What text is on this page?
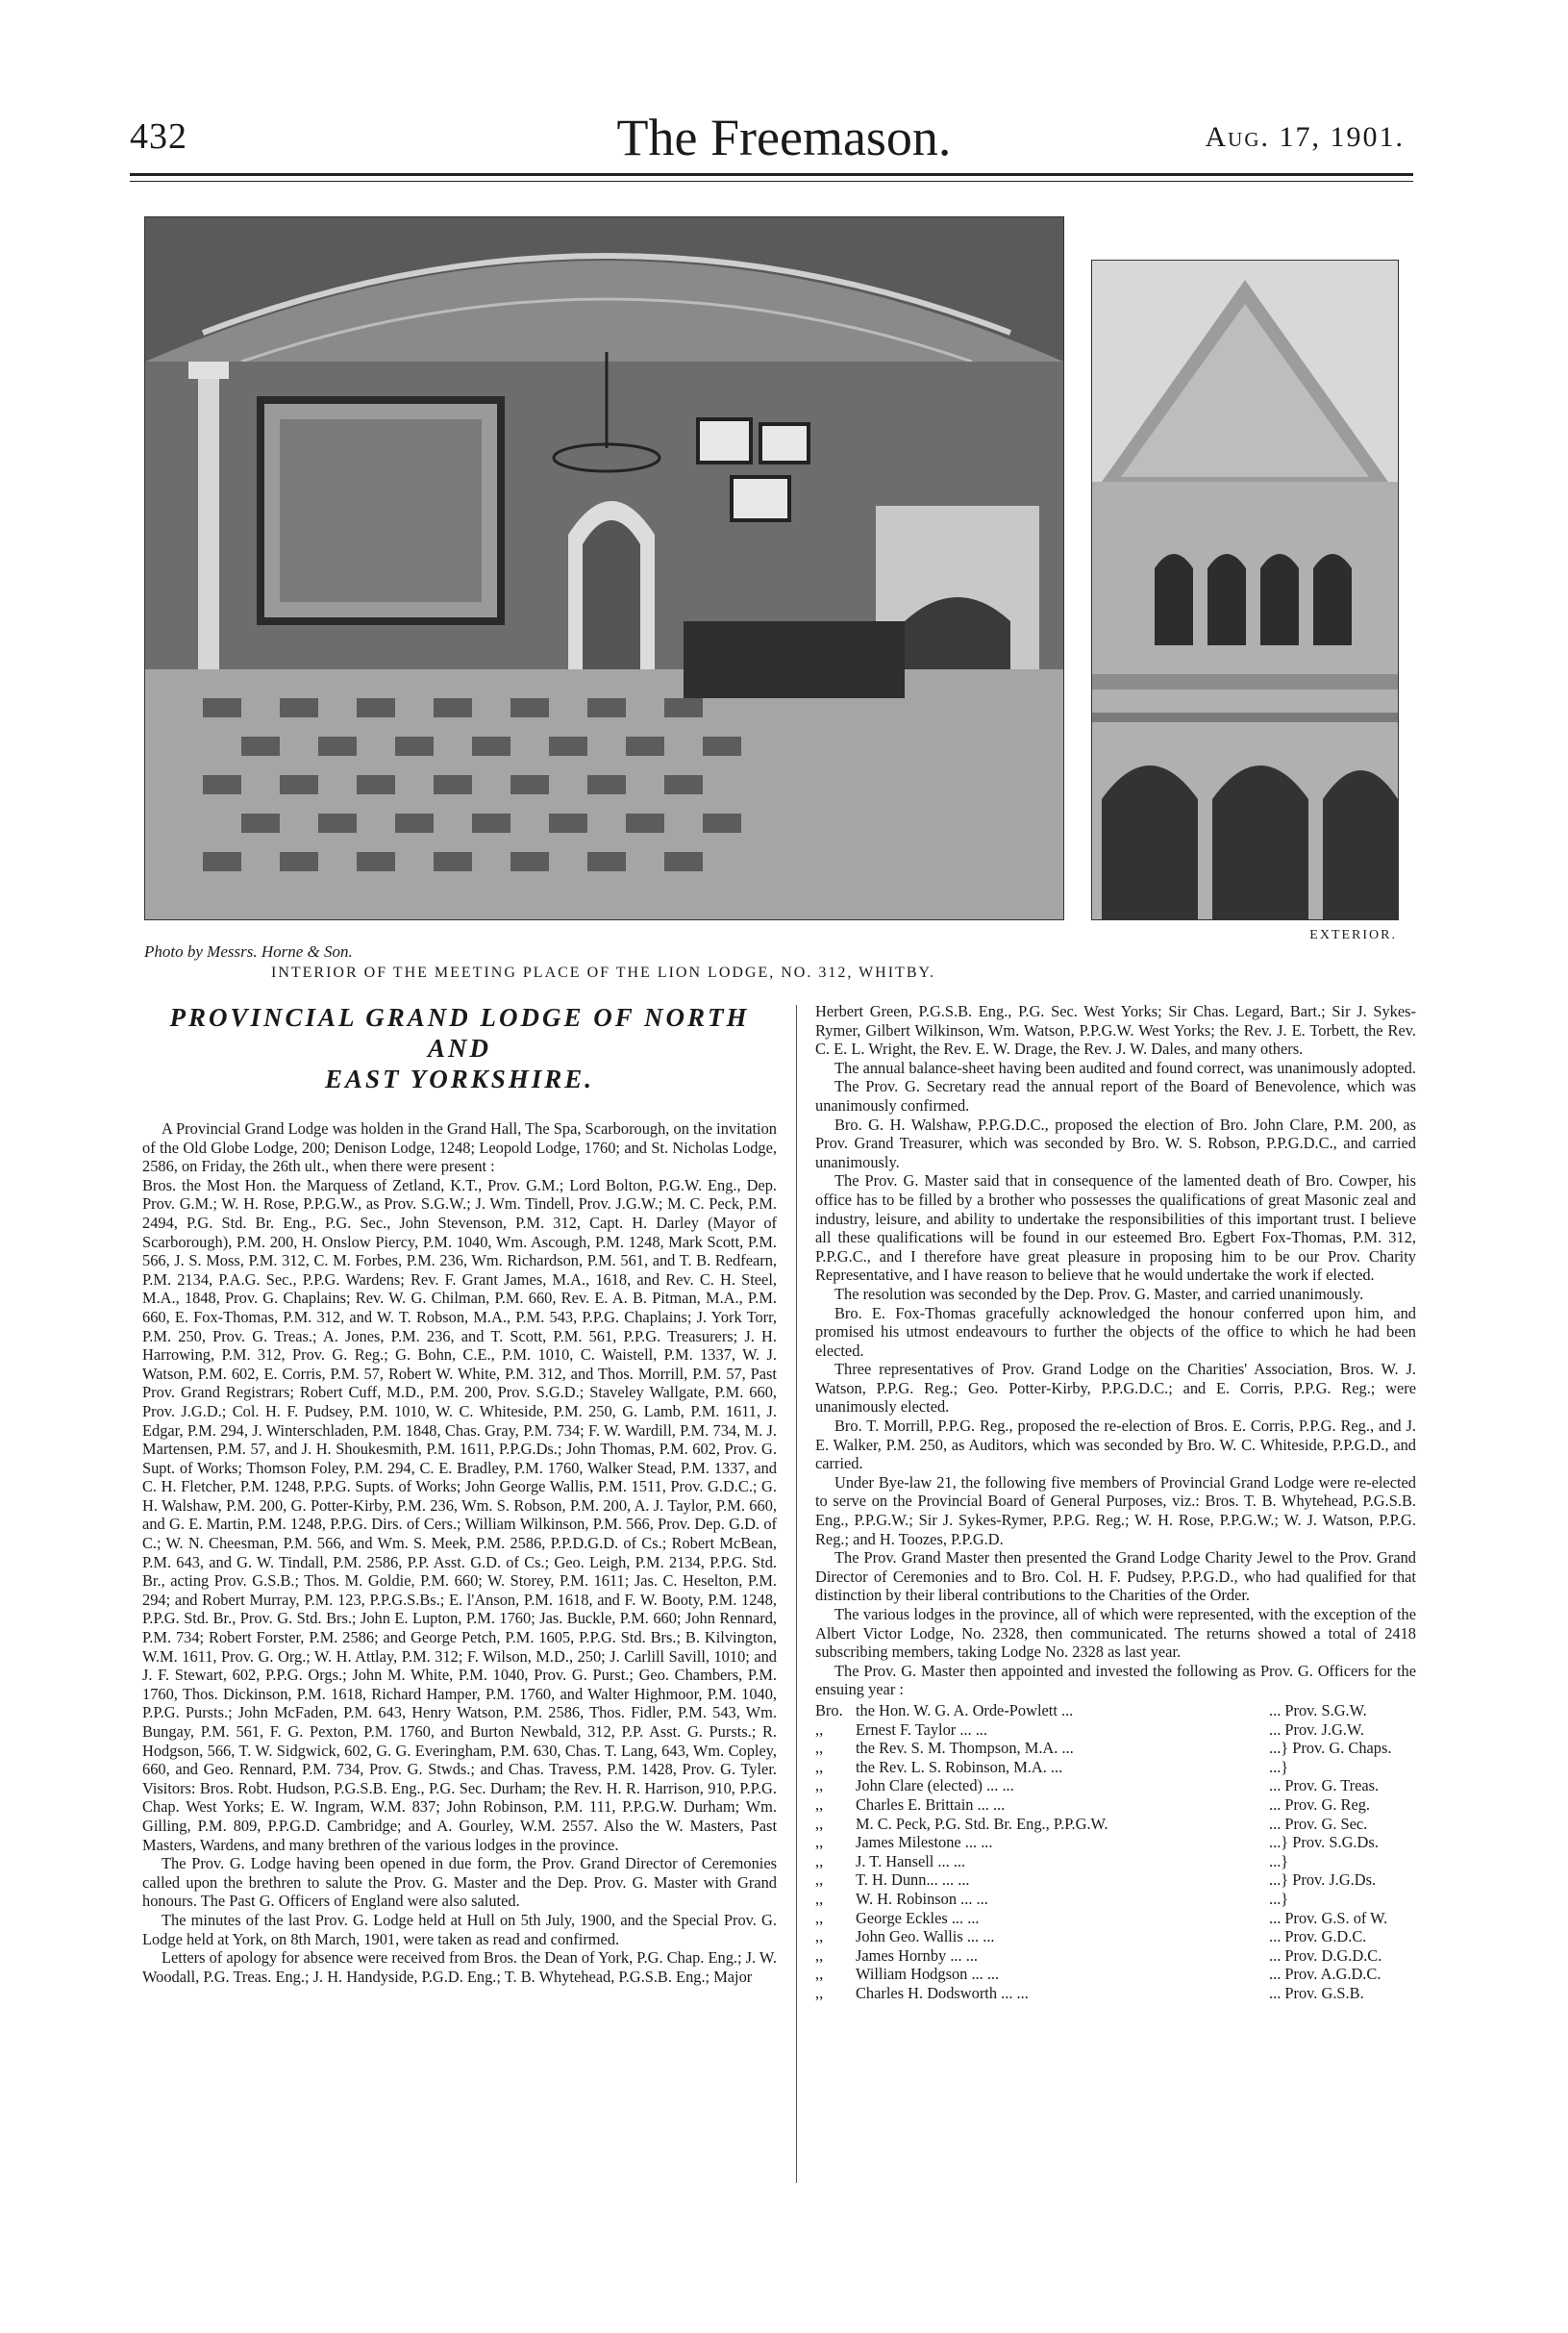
432	The Freemason.	Aug. 17, 1901.
Photo by Messrs. Horne & Son.
INTERIOR OF THE MEETING PLACE OF THE LION LODGE, NO. 312, WHITBY.
EXTERIOR.
PROVINCIAL GRAND LODGE OF NORTH AND
EAST YORKSHIRE.

A Provincial Grand Lodge was holden in the Grand Hall, The Spa, Scarborough, on the invitation of the Old Globe Lodge, 200; Denison Lodge, 1248; Leopold Lodge, 1760; and St. Nicholas Lodge, 2586, on Friday, the 26th ult., when there were present :

Bros. the Most Hon. the Marquess of Zetland, K.T., Prov. G.M.; Lord Bolton, P.G.W. Eng., Dep. Prov. G.M.; W. H. Rose, P.P.G.W., as Prov. S.G.W.; J. Wm. Tindell, Prov. J.G.W.; M. C. Peck, P.M. 2494, P.G. Std. Br. Eng., P.G. Sec., John Stevenson, P.M. 312, Capt. H. Darley (Mayor of Scarborough), P.M. 200, H. Onslow Piercy, P.M. 1040, Wm. Ascough, P.M. 1248, Mark Scott, P.M. 566, J. S. Moss, P.M. 312, C. M. Forbes, P.M. 236, Wm. Richardson, P.M. 561, and T. B. Redfearn, P.M. 2134, P.A.G. Sec., P.P.G. Wardens; Rev. F. Grant James, M.A., 1618, and Rev. C. H. Steel, M.A., 1848, Prov. G. Chaplains; Rev. W. G. Chilman, P.M. 660, Rev. E. A. B. Pitman, M.A., P.M. 660, E. Fox-Thomas, P.M. 312, and W. T. Robson, M.A., P.M. 543, P.P.G. Chaplains; J. York Torr, P.M. 250, Prov. G. Treas.; A. Jones, P.M. 236, and T. Scott, P.M. 561, P.P.G. Treasurers; J. H. Harrowing, P.M. 312, Prov. G. Reg.; G. Bohn, C.E., P.M. 1010, C. Waistell, P.M. 1337, W. J. Watson, P.M. 602, E. Corris, P.M. 57, Robert W. White, P.M. 312, and Thos. Morrill, P.M. 57, Past Prov. Grand Registrars; Robert Cuff, M.D., P.M. 200, Prov. S.G.D.; Staveley Wallgate, P.M. 660, Prov. J.G.D.; Col. H. F. Pudsey, P.M. 1010, W. C. Whiteside, P.M. 250, G. Lamb, P.M. 1611, J. Edgar, P.M. 294, J. Winterschladen, P.M. 1848, Chas. Gray, P.M. 734; F. W. Wardill, P.M. 734, M. J. Martensen, P.M. 57, and J. H. Shoukesmith, P.M. 1611, P.P.G.Ds.; John Thomas, P.M. 602, Prov. G. Supt. of Works; Thomson Foley, P.M. 294, C. E. Bradley, P.M. 1760, Walker Stead, P.M. 1337, and C. H. Fletcher, P.M. 1248, P.P.G. Supts. of Works; John George Wallis, P.M. 1511, Prov. G.D.C.; G. H. Walshaw, P.M. 200, G. Potter-Kirby, P.M. 236, Wm. S. Robson, P.M. 200, A. J. Taylor, P.M. 660, and G. E. Martin, P.M. 1248, P.P.G. Dirs. of Cers.; William Wilkinson, P.M. 566, Prov. Dep. G.D. of C.; W. N. Cheesman, P.M. 566, and Wm. S. Meek, P.M. 2586, P.P.D.G.D. of Cs.; Robert McBean, P.M. 643, and G. W. Tindall, P.M. 2586, P.P. Asst. G.D. of Cs.; Geo. Leigh, P.M. 2134, P.P.G. Std. Br., acting Prov. G.S.B.; Thos. M. Goldie, P.M. 660; W. Storey, P.M. 1611; Jas. C. Heselton, P.M. 294; and Robert Murray, P.M. 123, P.P.G.S.Bs.; E. l'Anson, P.M. 1618, and F. W. Booty, P.M. 1248, P.P.G. Std. Br., Prov. G. Std. Brs.; John E. Lupton, P.M. 1760; Jas. Buckle, P.M. 660; John Rennard, P.M. 734; Robert Forster, P.M. 2586; and George Petch, P.M. 1605, P.P.G. Std. Brs.; B. Kilvington, W.M. 1611, Prov. G. Org.; W. H. Attlay, P.M. 312; F. Wilson, M.D., 250; J. Carlill Savill, 1010; and J. F. Stewart, 602, P.P.G. Orgs.; John M. White, P.M. 1040, Prov. G. Purst.; Geo. Chambers, P.M. 1760, Thos. Dickinson, P.M. 1618, Richard Hamper, P.M. 1760, and Walter Highmoor, P.M. 1040, P.P.G. Pursts.; John McFaden, P.M. 643, Henry Watson, P.M. 2586, Thos. Fidler, P.M. 543, Wm. Bungay, P.M. 561, F. G. Pexton, P.M. 1760, and Burton Newbald, 312, P.P. Asst. G. Pursts.; R. Hodgson, 566, T. W. Sidgwick, 602, G. G. Everingham, P.M. 630, Chas. T. Lang, 643, Wm. Copley, 660, and Geo. Rennard, P.M. 734, Prov. G. Stwds.; and Chas. Travess, P.M. 1428, Prov. G. Tyler. Visitors: Bros. Robt. Hudson, P.G.S.B. Eng., P.G. Sec. Durham; the Rev. H. R. Harrison, 910, P.P.G. Chap. West Yorks; E. W. Ingram, W.M. 837; John Robinson, P.M. 111, P.P.G.W. Durham; Wm. Gilling, P.M. 809, P.P.G.D. Cambridge; and A. Gourley, W.M. 2557. Also the W. Masters, Past Masters, Wardens, and many brethren of the various lodges in the province.

The Prov. G. Lodge having been opened in due form, the Prov. Grand Director of Ceremonies called upon the brethren to salute the Prov. G. Master and the Dep. Prov. G. Master with Grand honours. The Past G. Officers of England were also saluted.

The minutes of the last Prov. G. Lodge held at Hull on 5th July, 1900, and the Special Prov. G. Lodge held at York, on 8th March, 1901, were taken as read and confirmed.

Letters of apology for absence were received from Bros. the Dean of York, P.G. Chap. Eng.; J. W. Woodall, P.G. Treas. Eng.; J. H. Handyside, P.G.D. Eng.; T. B. Whytehead, P.G.S.B. Eng.; Major

Herbert Green, P.G.S.B. Eng., P.G. Sec. West Yorks; Sir Chas. Legard, Bart.; Sir J. Sykes-Rymer, Gilbert Wilkinson, Wm. Watson, P.P.G.W. West Yorks; the Rev. J. E. Torbett, the Rev. C. E. L. Wright, the Rev. E. W. Drage, the Rev. J. W. Dales, and many others.

The annual balance-sheet having been audited and found correct, was unanimously adopted.

The Prov. G. Secretary read the annual report of the Board of Benevolence, which was unanimously confirmed.

Bro. G. H. Walshaw, P.P.G.D.C., proposed the election of Bro. John Clare, P.M. 200, as Prov. Grand Treasurer, which was seconded by Bro. W. S. Robson, P.P.G.D.C., and carried unanimously.

The Prov. G. Master said that in consequence of the lamented death of Bro. Cowper, his office has to be filled by a brother who possesses the qualifications of great Masonic zeal and industry, leisure, and ability to undertake the responsibilities of this important trust. I believe all these qualifications will be found in our esteemed Bro. Egbert Fox-Thomas, P.M. 312, P.P.G.C., and I therefore have great pleasure in proposing him to be our Prov. Charity Representative, and I have reason to believe that he would undertake the work if elected.

The resolution was seconded by the Dep. Prov. G. Master, and carried unanimously.

Bro. E. Fox-Thomas gracefully acknowledged the honour conferred upon him, and promised his utmost endeavours to further the objects of the office to which he had been elected.

Three representatives of Prov. Grand Lodge on the Charities' Association, Bros. W. J. Watson, P.P.G. Reg.; Geo. Potter-Kirby, P.P.G.D.C.; and E. Corris, P.P.G. Reg.; were unanimously elected.

Bro. T. Morrill, P.P.G. Reg., proposed the re-election of Bros. E. Corris, P.P.G. Reg., and J. E. Walker, P.M. 250, as Auditors, which was seconded by Bro. W. C. Whiteside, P.P.G.D., and carried.

Under Bye-law 21, the following five members of Provincial Grand Lodge were re-elected to serve on the Provincial Board of General Purposes, viz.: Bros. T. B. Whytehead, P.G.S.B. Eng., P.P.G.W.; Sir J. Sykes-Rymer, P.P.G. Reg.; W. H. Rose, P.P.G.W.; W. J. Watson, P.P.G. Reg.; and H. Toozes, P.P.G.D.

The Prov. Grand Master then presented the Grand Lodge Charity Jewel to the Prov. Grand Director of Ceremonies and to Bro. Col. H. F. Pudsey, P.P.G.D., who had qualified for that distinction by their liberal contributions to the Charities of the Order.

The various lodges in the province, all of which were represented, with the exception of the Albert Victor Lodge, No. 2328, then communicated. The returns showed a total of 2418 subscribing members, taking Lodge No. 2328 as last year.

The Prov. G. Master then appointed and invested the following as Prov. G. Officers for the ensuing year :

Bro. the Hon. W. G. A. Orde-Powlett ...	... Prov. S.G.W.
,,	Ernest F. Taylor ... ...	... Prov. J.G.W.
,,	the Rev. S. M. Thompson, M.A. ...	...} Prov. G. Chaps.
,,	the Rev. L. S. Robinson, M.A. ...	...}
,,	John Clare (elected) ... ...	... Prov. G. Treas.
,,	Charles E. Brittain ... ...	... Prov. G. Reg.
,,	M. C. Peck, P.G. Std. Br. Eng., P.P.G.W.	... Prov. G. Sec.
,,	James Milestone ... ...	...} Prov. S.G.Ds.
,,	J. T. Hansell ... ...	...}
,,	T. H. Dunn... ... ...	...} Prov. J.G.Ds.
,,	W. H. Robinson ... ...	...}
,,	George Eckles ... ...	... Prov. G.S. of W.
,,	John Geo. Wallis ... ...	... Prov. G.D.C.
,,	James Hornby ... ...	... Prov. D.G.D.C.
,,	William Hodgson ... ...	... Prov. A.G.D.C.
,,	Charles H. Dodsworth ... ...	... Prov. G.S.B.
